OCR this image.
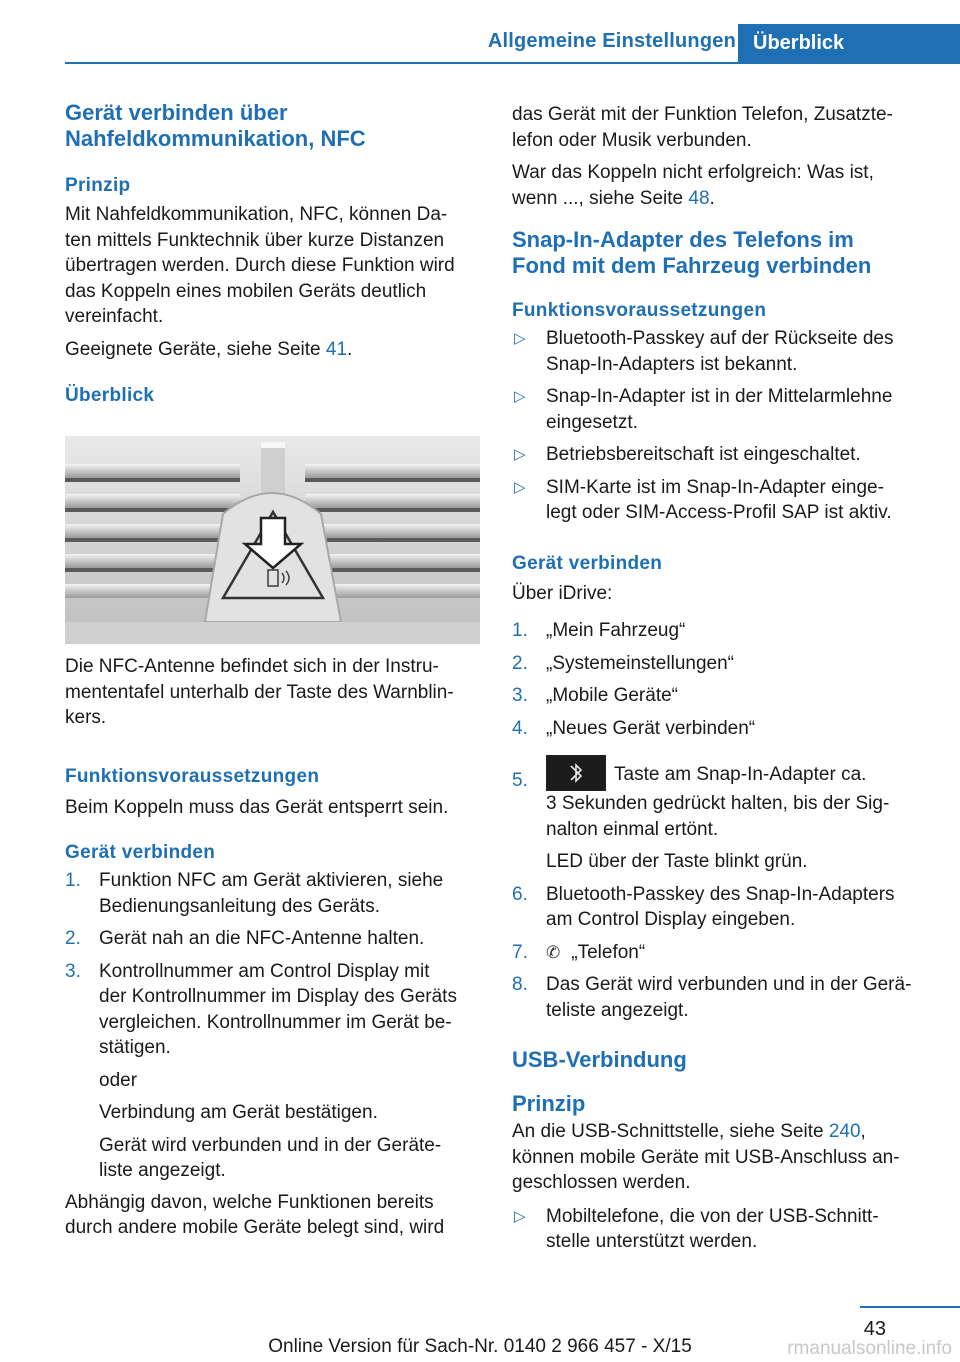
Allgemeine Einstellungen Überblick
Gerät verbinden über
Nahfeldkommunikation, NFC
Prinzip

Mit Nahfeldkommunikation, NFC, können Da-
ten mittels Funktechnik über kurze Distanzen
übertragen werden. Durch diese Funktion wird
das Koppeln eines mobilen Geräts deutlich
vereinfacht.

Geeignete Geräte, siehe Seite 41.

Überblick

Die NFC-Antenne befindet sich in der Instru-
mententafel unterhalb der Taste des Warnblin-
kers.

Funktionsvoraussetzungen

Beim Koppeln muss das Gerät entsperrt sein.

Gerät verbinden
1. Funktion NFC am Gerät aktivieren, siehe
Bedienungsanleitung des Geräts.
2. Gerät nah an die NFC-Antenne halten.
3. Kontrollnummer am Control Display mit
der Kontrollnummer im Display des Geräts
vergleichen. Kontrollnummer im Gerät be-
stätigen.
oder
Verbindung am Gerät bestätigen.
Gerät wird verbunden und in der Geräte-
liste angezeigt.

Abhängig davon, welche Funktionen bereits
durch andere mobile Geräte belegt sind, wird

das Gerät mit der Funktion Telefon, Zusatzte-
lefon oder Musik verbunden.

War das Koppeln nicht erfolgreich: Was ist,
wenn ..., siehe Seite 48.

Snap-In-Adapter des Telefons im
Fond mit dem Fahrzeug verbinden
Funktionsvoraussetzungen
▷ Bluetooth-Passkey auf der Rückseite des
Snap-In-Adapters ist bekannt.
▷ Snap-In-Adapter ist in der Mittelarmlehne
eingesetzt.
▷ Betriebsbereitschaft ist eingeschaltet.
▷ SIM-Karte ist im Snap-In-Adapter einge-
legt oder SIM-Access-Profil SAP ist aktiv.
Gerät verbinden

Über iDrive:

1. „Mein Fahrzeug“
2. „Systemeinstellungen“
3. „Mobile Geräte“
4. „Neues Gerät verbinden“
5.	Taste am Snap-In-Adapter ca.
3 Sekunden gedrückt halten, bis der Sig-
nalton einmal ertönt.
LED über der Taste blinkt grün.
6. Bluetooth-Passkey des Snap-In-Adapters
am Control Display eingeben.
7. ✆ „Telefon“
8. Das Gerät wird verbunden und in der Gerä-
teliste angezeigt.
USB-Verbindung
Prinzip

An die USB-Schnittstelle, siehe Seite 240,
können mobile Geräte mit USB-Anschluss an-
geschlossen werden.

▷ Mobiltelefone, die von der USB-Schnitt-
stelle unterstützt werden.
43
Online Version für Sach-Nr. 0140 2 966 457 - X/15	rmanualsonline.info
